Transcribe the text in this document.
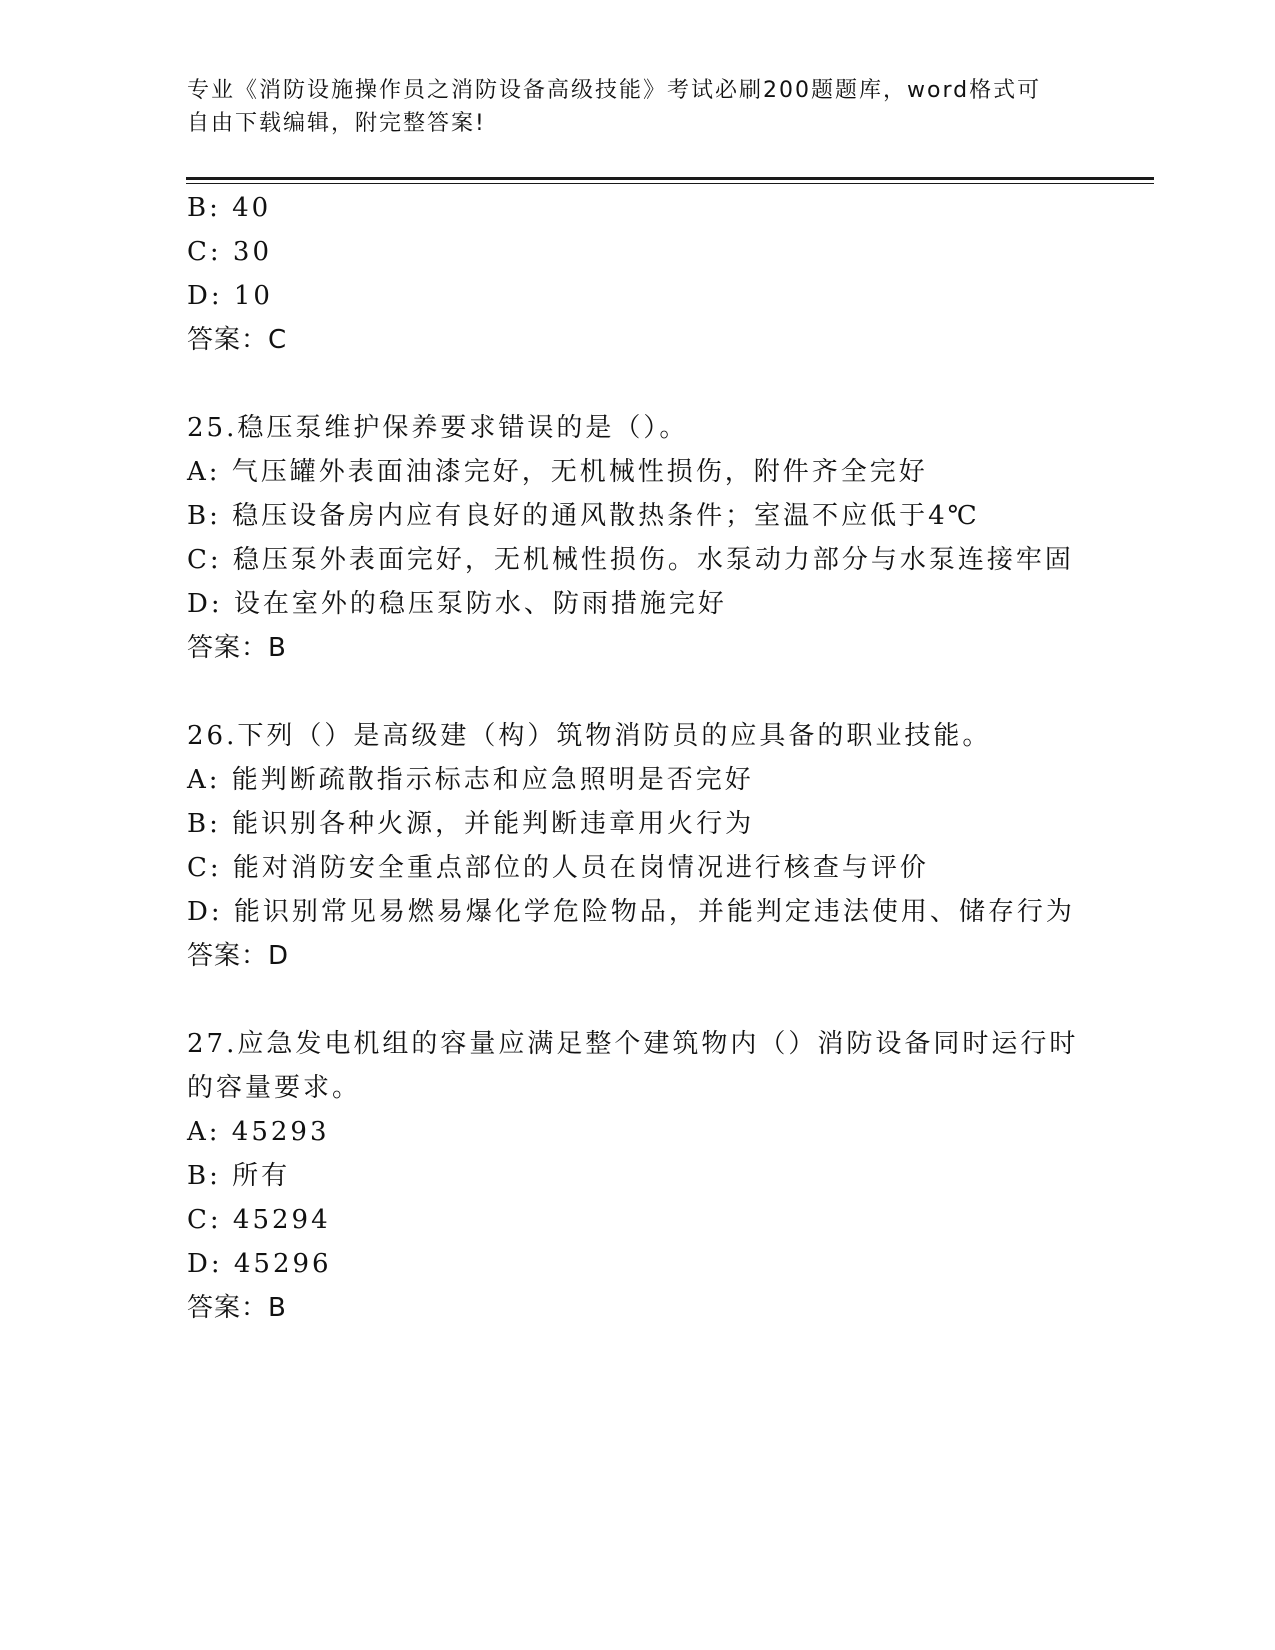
专业《消防设施操作员之消防设备高级技能》考试必刷200题题库，word格式可
自由下载编辑，附完整答案!
B: 40
C: 30
D: 10
答案：C
25.稳压泵维护保养要求错误的是（）。
A: 气压罐外表面油漆完好，无机械性损伤，附件齐全完好
B: 稳压设备房内应有良好的通风散热条件；室温不应低于4℃
C: 稳压泵外表面完好，无机械性损伤。水泵动力部分与水泵连接牢固
D: 设在室外的稳压泵防水、防雨措施完好
答案：B
26.下列（）是高级建（构）筑物消防员的应具备的职业技能。
A: 能判断疏散指示标志和应急照明是否完好
B: 能识别各种火源，并能判断违章用火行为
C: 能对消防安全重点部位的人员在岗情况进行核查与评价
D: 能识别常见易燃易爆化学危险物品，并能判定违法使用、储存行为
答案：D
27.应急发电机组的容量应满足整个建筑物内（）消防设备同时运行时
的容量要求。
A: 45293
B: 所有
C: 45294
D: 45296
答案：B
